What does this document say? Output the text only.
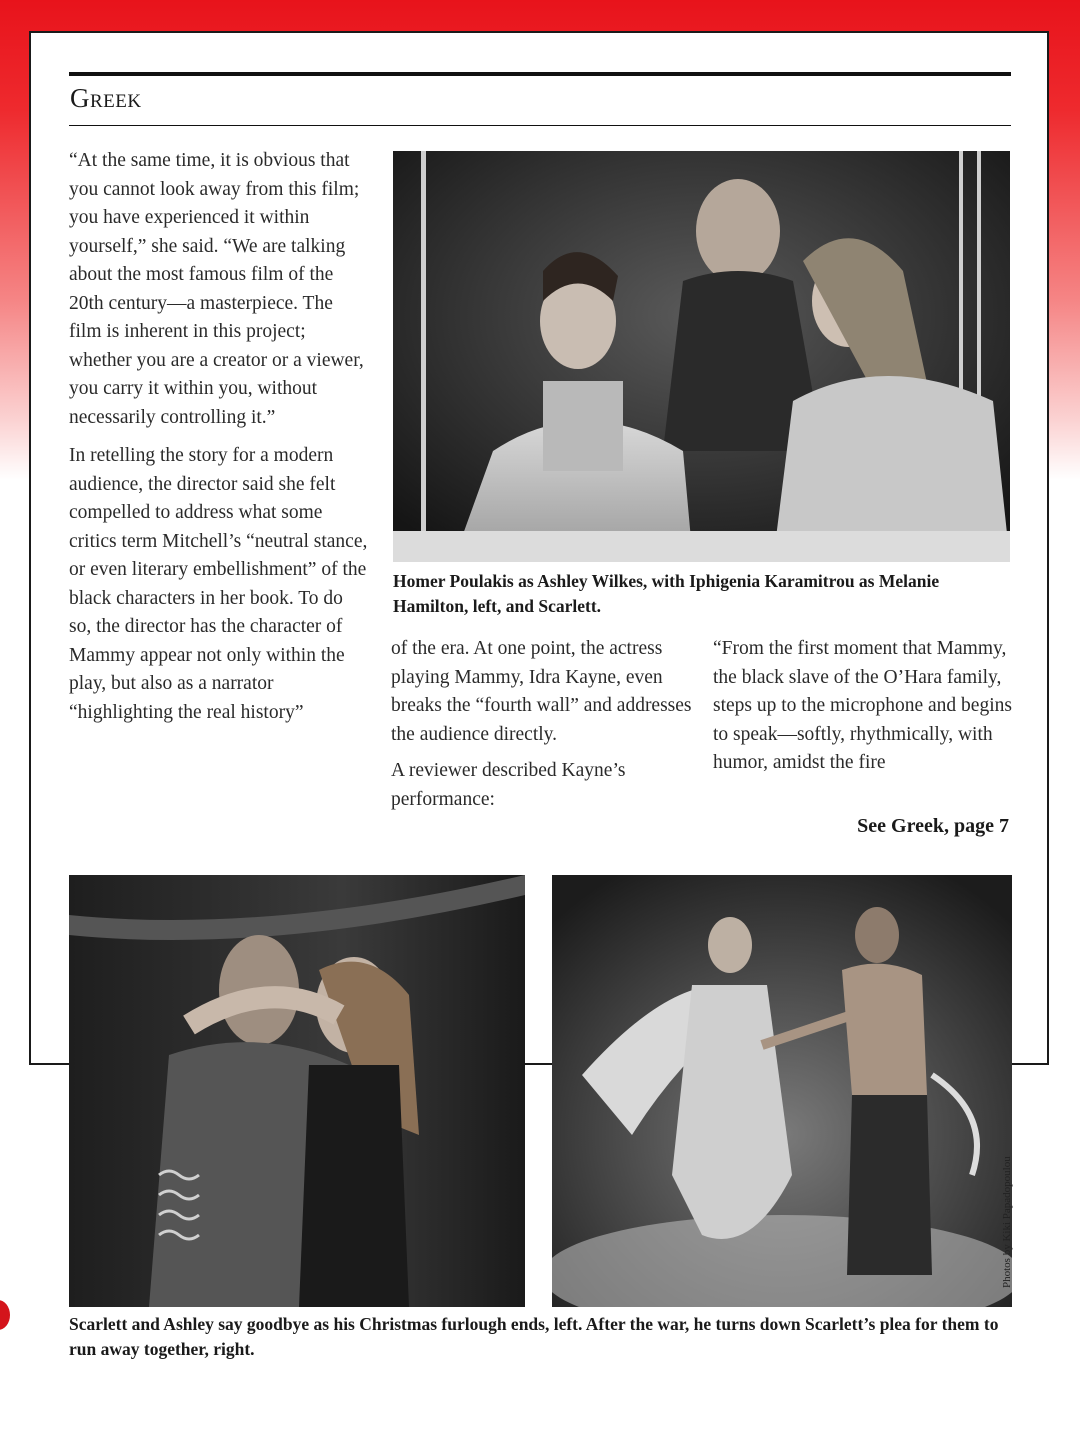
Greek

“At the same time, it is obvious that you cannot look away from this film; you have experienced it within yourself,” she said. “We are talking about the most famous film of the 20th century—a masterpiece. The film is inherent in this project; whether you are a creator or a viewer, you carry it within you, without necessarily controlling it.”

In retelling the story for a modern audience, the director said she felt compelled to address what some critics term Mitchell’s “neutral stance, or even literary embellishment” of the black characters in her book. To do so, the director has the character of Mammy appear not only within the play, but also as a narrator “highlighting the real history”

Homer Poulakis as Ashley Wilkes, with Iphigenia Karamitrou as Melanie Hamilton, left, and Scarlett.

of the era. At one point, the actress playing Mammy, Idra Kayne, even breaks the “fourth wall” and addresses the audience directly.

A reviewer described Kayne’s performance:

“From the first moment that Mammy, the black slave of the O’Hara family, steps up to the microphone and begins to speak—softly, rhythmically, with humor, amidst the fire

See Greek, page 7
Photos by Kiki Papadopoulou

Scarlett and Ashley say goodbye as his Christmas furlough ends, left. After the war, he turns down Scarlett’s plea for them to run away together, right.
